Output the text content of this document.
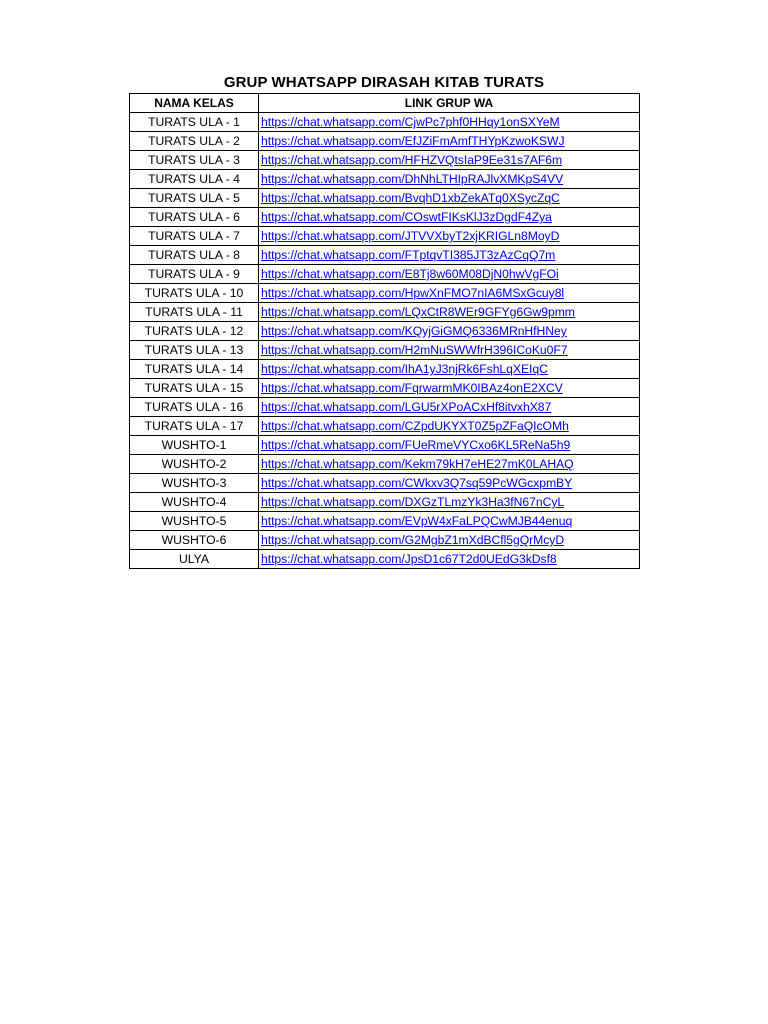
GRUP WHATSAPP DIRASAH KITAB TURATS
NAMA KELAS	LINK GRUP WA
TURATS ULA - 1	https://chat.whatsapp.com/CjwPc7phf0HHqy1onSXYeM
TURATS ULA - 2	https://chat.whatsapp.com/EfJZiFmAmfTHYpKzwoKSWJ
TURATS ULA - 3	https://chat.whatsapp.com/HFHZVQtsIaP9Ee31s7AF6m
TURATS ULA - 4	https://chat.whatsapp.com/DhNhLTHIpRAJlvXMKpS4VV
TURATS ULA - 5	https://chat.whatsapp.com/BvqhD1xbZekATq0XSycZqC
TURATS ULA - 6	https://chat.whatsapp.com/COswtFIKsKlJ3zDgdF4Zya
TURATS ULA - 7	https://chat.whatsapp.com/JTVVXbyT2xjKRIGLn8MoyD
TURATS ULA - 8	https://chat.whatsapp.com/FTptqvTI385JT3zAzCqQ7m
TURATS ULA - 9	https://chat.whatsapp.com/E8Tj8w60M08DjN0hwVgFOi
TURATS ULA - 10	https://chat.whatsapp.com/HpwXnFMO7nIA6MSxGcuy8l
TURATS ULA - 11	https://chat.whatsapp.com/LQxCtR8WEr9GFYg6Gw9pmm
TURATS ULA - 12	https://chat.whatsapp.com/KQyjGiGMQ6336MRnHfHNey
TURATS ULA - 13	https://chat.whatsapp.com/H2mNuSWWfrH396ICoKu0F7
TURATS ULA - 14	https://chat.whatsapp.com/IhA1yJ3njRk6FshLqXEIqC
TURATS ULA - 15	https://chat.whatsapp.com/FqrwarmMK0IBAz4onE2XCV
TURATS ULA - 16	https://chat.whatsapp.com/LGU5rXPoACxHf8itvxhX87
TURATS ULA - 17	https://chat.whatsapp.com/CZpdUKYXT0Z5pZFaQIcOMh
WUSHTO-1	https://chat.whatsapp.com/FUeRmeVYCxo6KL5ReNa5h9
WUSHTO-2	https://chat.whatsapp.com/Kekm79kH7eHE27mK0LAHAQ
WUSHTO-3	https://chat.whatsapp.com/CWkxv3Q7sq59PcWGcxpmBY
WUSHTO-4	https://chat.whatsapp.com/DXGzTLmzYk3Ha3fN67nCyL
WUSHTO-5	https://chat.whatsapp.com/EVpW4xFaLPQCwMJB44enuq
WUSHTO-6	https://chat.whatsapp.com/G2MgbZ1mXdBCfl5gQrMcyD
ULYA	https://chat.whatsapp.com/JpsD1c67T2d0UEdG3kDsf8
